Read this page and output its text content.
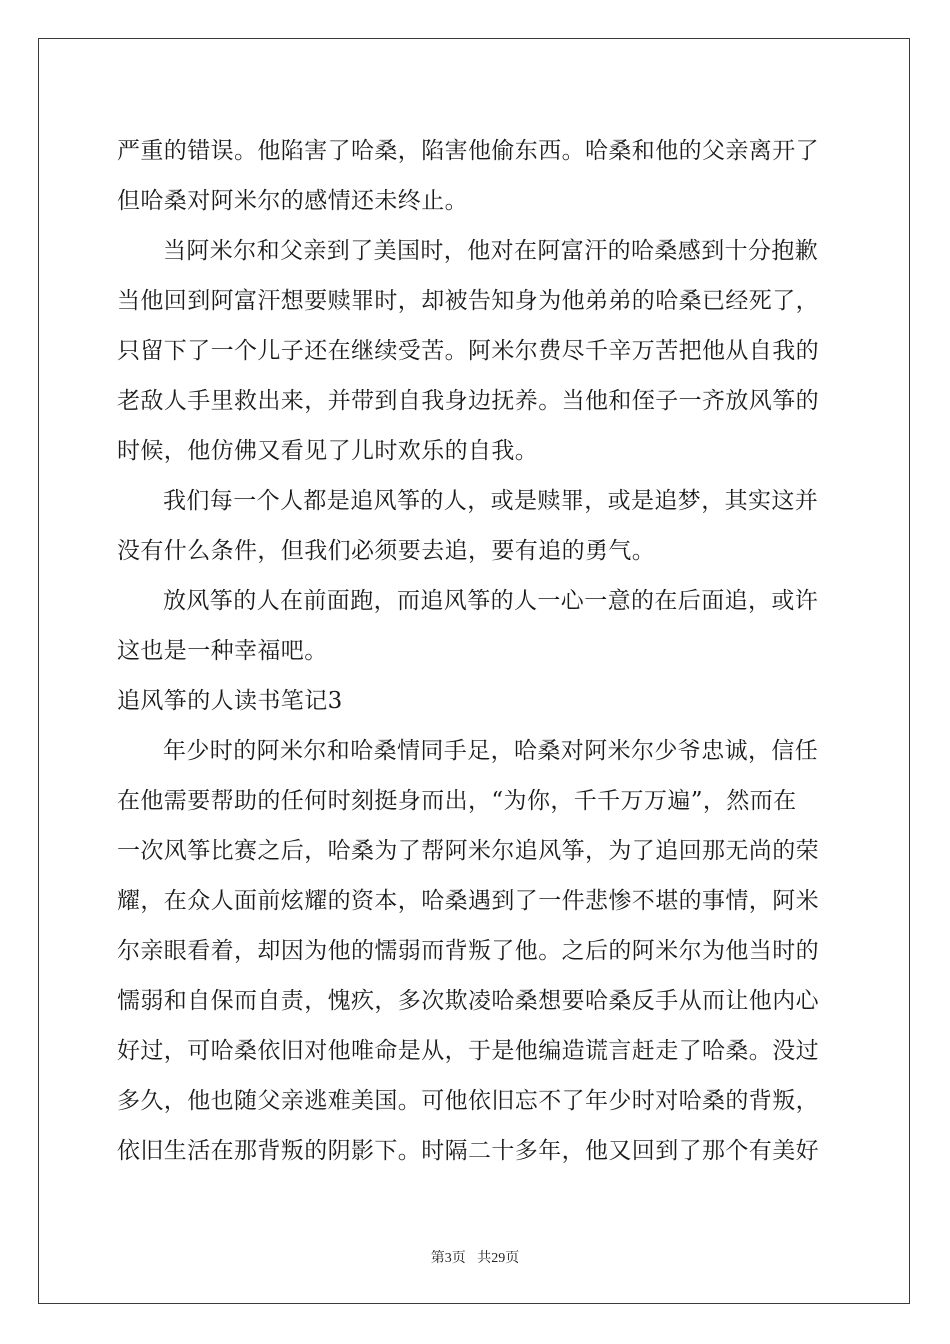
严重的错误。他陷害了哈桑，陷害他偷东西。哈桑和他的父亲离开了
但哈桑对阿米尔的感情还未终止。
当阿米尔和父亲到了美国时，他对在阿富汗的哈桑感到十分抱歉
当他回到阿富汗想要赎罪时，却被告知身为他弟弟的哈桑已经死了，
只留下了一个儿子还在继续受苦。阿米尔费尽千辛万苦把他从自我的
老敌人手里救出来，并带到自我身边抚养。当他和侄子一齐放风筝的
时候，他仿佛又看见了儿时欢乐的自我。
我们每一个人都是追风筝的人，或是赎罪，或是追梦，其实这并
没有什么条件，但我们必须要去追，要有追的勇气。
放风筝的人在前面跑，而追风筝的人一心一意的在后面追，或许
这也是一种幸福吧。
追风筝的人读书笔记3
年少时的阿米尔和哈桑情同手足，哈桑对阿米尔少爷忠诚，信任
在他需要帮助的任何时刻挺身而出，“为你，千千万万遍”，然而在
一次风筝比赛之后，哈桑为了帮阿米尔追风筝，为了追回那无尚的荣
耀，在众人面前炫耀的资本，哈桑遇到了一件悲惨不堪的事情，阿米
尔亲眼看着，却因为他的懦弱而背叛了他。之后的阿米尔为他当时的
懦弱和自保而自责，愧疚，多次欺凌哈桑想要哈桑反手从而让他内心
好过，可哈桑依旧对他唯命是从，于是他编造谎言赶走了哈桑。没过
多久，他也随父亲逃难美国。可他依旧忘不了年少时对哈桑的背叛，
依旧生活在那背叛的阴影下。时隔二十多年，他又回到了那个有美好
第3页 共29页
